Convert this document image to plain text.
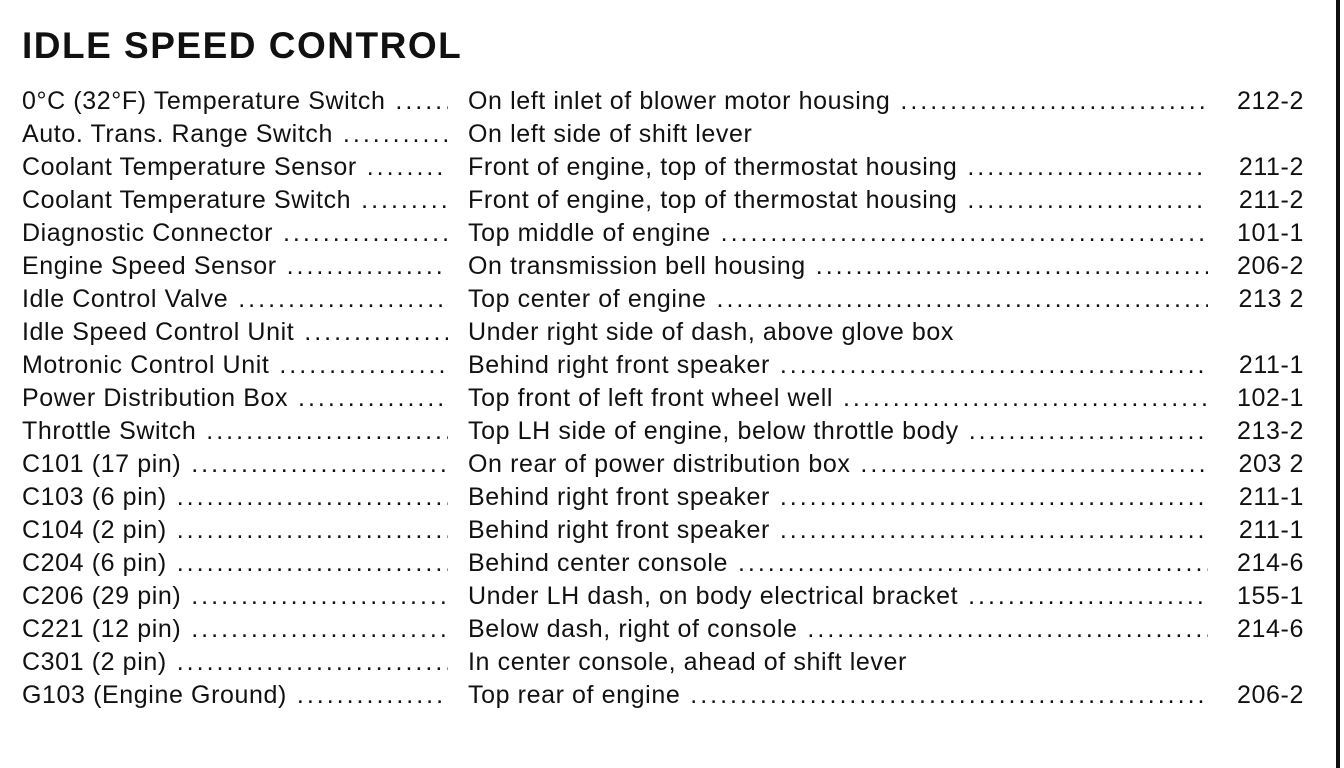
IDLE SPEED CONTROL
0°C (32°F) Temperature Switch .....	On left inlet of blower motor housing .....	212-2
Auto. Trans. Range Switch .....	On left side of shift lever
Coolant Temperature Sensor .....	Front of engine, top of thermostat housing .....	211-2
Coolant Temperature Switch .....	Front of engine, top of thermostat housing .....	211-2
Diagnostic Connector .....	Top middle of engine .....	101-1
Engine Speed Sensor .....	On transmission bell housing .....	206-2
Idle Control Valve .....	Top center of engine .....	213 2
Idle Speed Control Unit .....	Under right side of dash, above glove box
Motronic Control Unit .....	Behind right front speaker .....	211-1
Power Distribution Box .....	Top front of left front wheel well .....	102-1
Throttle Switch .....	Top LH side of engine, below throttle body .....	213-2
C101 (17 pin) .....	On rear of power distribution box .....	203 2
C103 (6 pin) .....	Behind right front speaker .....	211-1
C104 (2 pin) .....	Behind right front speaker .....	211-1
C204 (6 pin) .....	Behind center console .....	214-6
C206 (29 pin) .....	Under LH dash, on body electrical bracket .....	155-1
C221 (12 pin) .....	Below dash, right of console .....	214-6
C301 (2 pin) .....	In center console, ahead of shift lever
G103 (Engine Ground) .....	Top rear of engine .....	206-2
